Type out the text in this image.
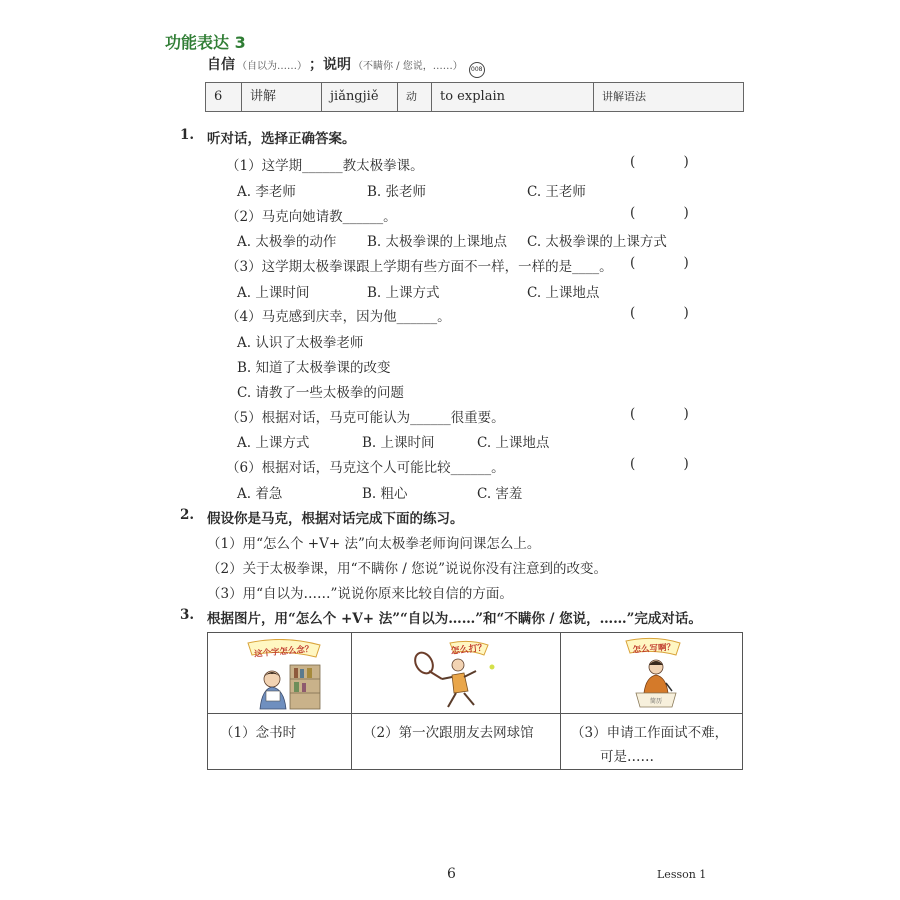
功能表达 3
自信 （自以为……） ； 说明 （不瞒你 / 您说，……）	008
6	讲解	jiǎngjiě	动	to explain	讲解语法
1. 听对话，选择正确答案。
（1）这学期______教太极拳课。	( )
A. 李老师	B. 张老师	C. 王老师
（2）马克向她请教______。	( )
A. 太极拳的动作 B. 太极拳课的上课地点 C. 太极拳课的上课方式
（3）这学期太极拳课跟上学期有些方面不一样，一样的是____。 ( )
A. 上课时间	B. 上课方式	C. 上课地点
（4）马克感到庆幸，因为他______。	( )
A. 认识了太极拳老师
B. 知道了太极拳课的改变
C. 请教了一些太极拳的问题
（5）根据对话，马克可能认为______很重要。	( )
A. 上课方式	B. 上课时间	C. 上课地点
（6）根据对话，马克这个人可能比较______。	( )
A. 着急	B. 粗心	C. 害羞
2. 假设你是马克，根据对话完成下面的练习。
（1）用“怎么个 +V+ 法”向太极拳老师询问课怎么上。
（2）关于太极拳课，用“不瞒你 / 您说”说说你没有注意到的改变。
（3）用“自以为……”说说你原来比较自信的方面。
3. 根据图片，用“怎么个 +V+ 法”“自以为……”和“不瞒你 / 您说，……”完成对话。
这个字怎么念？	怎么打？	怎么写啊？
简历
（1）念书时	（2）第一次跟朋友去网球馆	（3）申请工作面试不难，
可是……
6	Lesson 1
